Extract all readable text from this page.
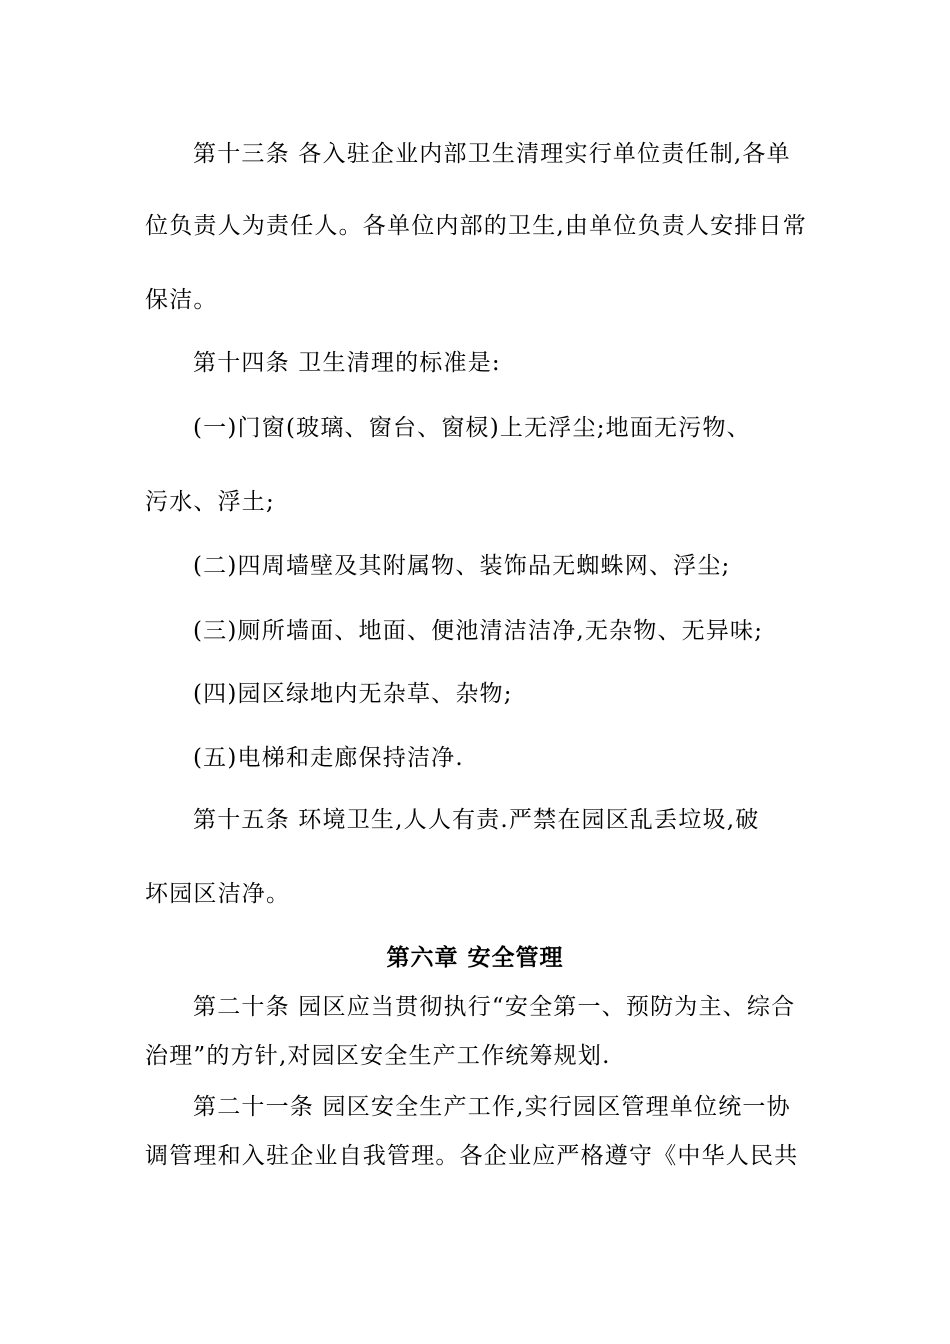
第十三条 各入驻企业内部卫生清理实行单位责任制,各单
位负责人为责任人。各单位内部的卫生,由单位负责人安排日常
保洁。
第十四条 卫生清理的标准是:
(一)门窗(玻璃、窗台、窗棂)上无浮尘;地面无污物、
污水、浮土;
(二)四周墙壁及其附属物、装饰品无蜘蛛网、浮尘;
(三)厕所墙面、地面、便池清洁洁净,无杂物、无异味;
(四)园区绿地内无杂草、杂物;
(五)电梯和走廊保持洁净.
第十五条 环境卫生,人人有责.严禁在园区乱丢垃圾,破
坏园区洁净。
第六章 安全管理
第二十条 园区应当贯彻执行“安全第一、预防为主、综合
治理”的方针,对园区安全生产工作统筹规划.
第二十一条 园区安全生产工作,实行园区管理单位统一协
调管理和入驻企业自我管理。各企业应严格遵守《中华人民共
